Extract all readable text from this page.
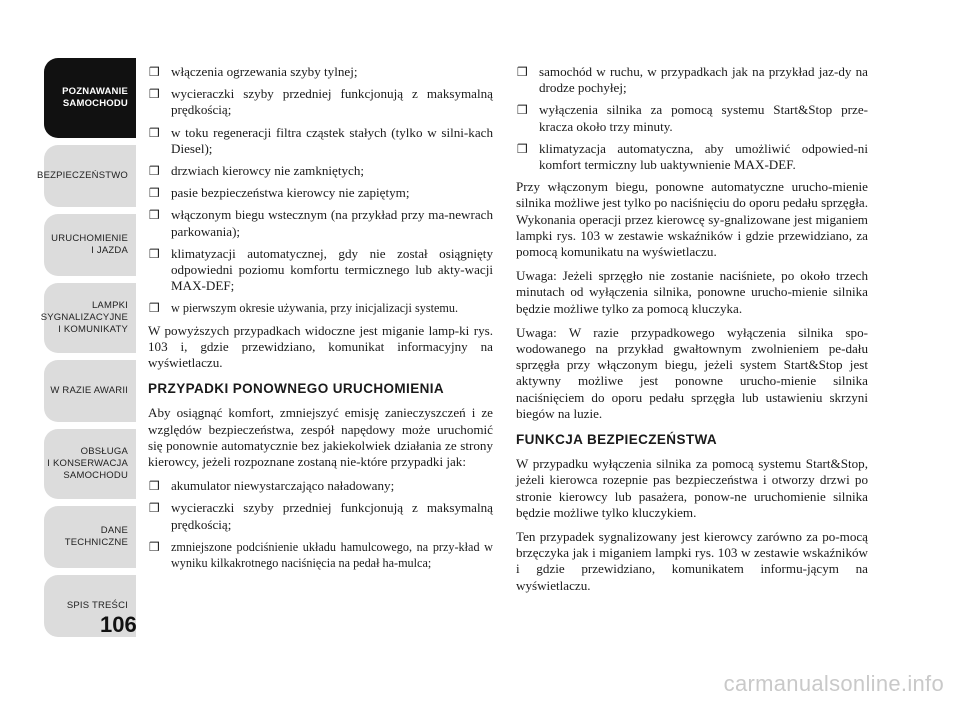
POZNAWANIE
SAMOCHODU
BEZPIECZEŃSTWO
URUCHOMIENIE
I JAZDA
LAMPKI
SYGNALIZACYJNE
I KOMUNIKATY
W RAZIE AWARII
OBSŁUGA
I KONSERWACJA
SAMOCHODU
DANE
TECHNICZNE
SPIS TREŚCI
106
❒ włączenia ogrzewania szyby tylnej;
❒ wycieraczki szyby przedniej funkcjonują z maksymalną prędkością;
❒ w toku regeneracji filtra cząstek stałych (tylko w silni-kach Diesel);
❒ drzwiach kierowcy nie zamkniętych;
❒ pasie bezpieczeństwa kierowcy nie zapiętym;
❒ włączonym biegu wstecznym (na przykład przy ma-newrach parkowania);
❒ klimatyzacji automatycznej, gdy nie został osiągnięty odpowiedni poziomu komfortu termicznego lub akty-wacji MAX-DEF;
❒ w pierwszym okresie używania, przy inicjalizacji systemu.

W powyższych przypadkach widoczne jest miganie lamp-ki rys. 103 i, gdzie przewidziano, komunikat informacyjny na wyświetlaczu.

PRZYPADKI PONOWNEGO URUCHOMIENIA

Aby osiągnąć komfort, zmniejszyć emisję zanieczyszczeń i ze względów bezpieczeństwa, zespół napędowy może uruchomić się ponownie automatycznie bez jakiekolwiek działania ze strony kierowcy, jeżeli rozpoznane zostaną nie-które przypadki jak:

❒ akumulator niewystarczająco naładowany;
❒ wycieraczki szyby przedniej funkcjonują z maksymalną prędkością;
❒ zmniejszone podciśnienie układu hamulcowego, na przy-kład w wyniku kilkakrotnego naciśnięcia na pedał ha-mulca;
❒ samochód w ruchu, w przypadkach jak na przykład jaz-dy na drodze pochyłej;
❒ wyłączenia silnika za pomocą systemu Start&Stop prze-kracza około trzy minuty.
❒ klimatyzacja automatyczna, aby umożliwić odpowied-ni komfort termiczny lub uaktywnienie MAX-DEF.

Przy włączonym biegu, ponowne automatyczne urucho-mienie silnika możliwe jest tylko po naciśnięciu do oporu pedału sprzęgła. Wykonania operacji przez kierowcę sy-gnalizowane jest miganiem lampki rys. 103 w zestawie wskaźników i gdzie przewidziano, za pomocą komunikatu na wyświetlaczu.

Uwaga: Jeżeli sprzęgło nie zostanie naciśniete, po około trzech minutach od wyłączenia silnika, ponowne urucho-mienie silnika będzie możliwe tylko za pomocą kluczyka.

Uwaga: W razie przypadkowego wyłączenia silnika spo-wodowanego na przykład gwałtownym zwolnieniem pe-dału sprzęgła przy włączonym biegu, jeżeli system Start&Stop jest aktywny możliwe jest ponowne urucho-mienie silnika naciśnięciem do oporu pedału sprzęgła lub ustawieniu skrzyni biegów na luzie.

FUNKCJA BEZPIECZEŃSTWA

W przypadku wyłączenia silnika za pomocą systemu Start&Stop, jeżeli kierowca rozepnie pas bezpieczeństwa i otworzy drzwi po stronie kierowcy lub pasażera, ponow-ne uruchomienie silnika będzie możliwe tylko kluczykiem.

Ten przypadek sygnalizowany jest kierowcy zarówno za po-mocą brzęczyka jak i miganiem lampki rys. 103 w zestawie wskaźników i gdzie przewidziano, komunikatem informu-jącym na wyświetlaczu.

carmanualsonline.info
